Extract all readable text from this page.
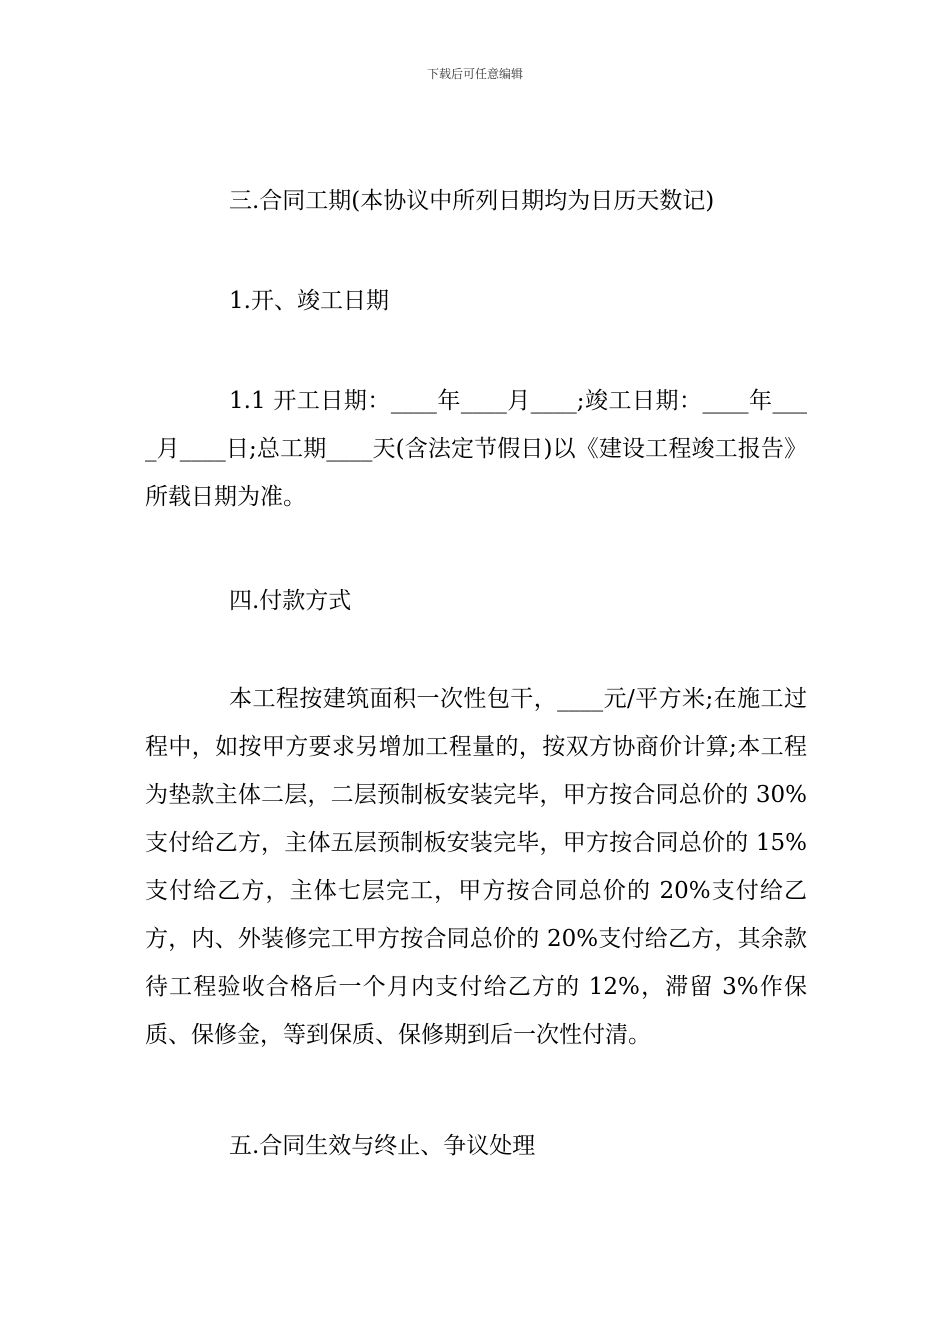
下载后可任意编辑

三.合同工期(本协议中所列日期均为日历天数记)

1.开、竣工日期

1.1 开工日期：____年____月____;竣工日期：____年____月____日;总工期____天(含法定节假日)以《建设工程竣工报告》所载日期为准。

四.付款方式

本工程按建筑面积一次性包干，____元/平方米;在施工过程中，如按甲方要求另增加工程量的，按双方协商价计算;本工程为垫款主体二层，二层预制板安装完毕，甲方按合同总价的 30%支付给乙方，主体五层预制板安装完毕，甲方按合同总价的 15%支付给乙方，主体七层完工，甲方按合同总价的 20%支付给乙方，内、外装修完工甲方按合同总价的 20%支付给乙方，其余款待工程验收合格后一个月内支付给乙方的 12%，滞留 3%作保质、保修金，等到保质、保修期到后一次性付清。

五.合同生效与终止、争议处理
